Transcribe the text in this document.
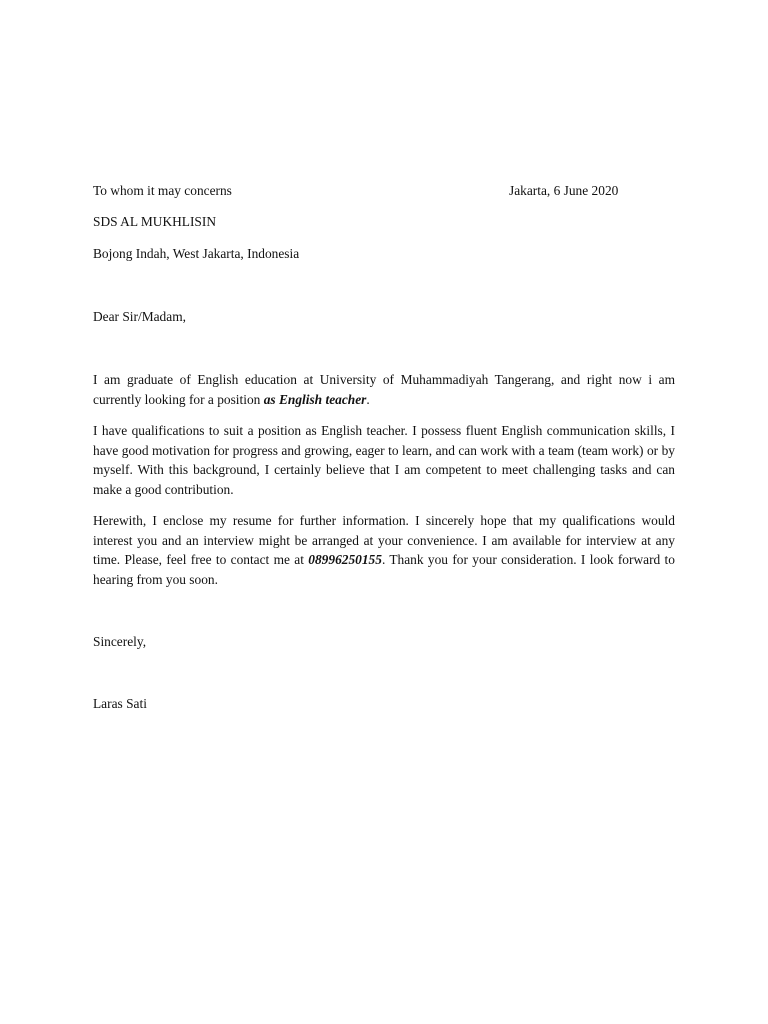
To whom it may concerns	Jakarta, 6 June 2020
SDS AL MUKHLISIN
Bojong Indah, West Jakarta, Indonesia
Dear Sir/Madam,
I am graduate of English education at University of Muhammadiyah Tangerang, and right now i am currently looking for a position as English teacher.
I have qualifications to suit a position as English teacher. I possess fluent English communication skills, I have good motivation for progress and growing, eager to learn, and can work with a team (team work) or by myself. With this background, I certainly believe that I am competent to meet challenging tasks and can make a good contribution.
Herewith, I enclose my resume for further information. I sincerely hope that my qualifications would interest you and an interview might be arranged at your convenience. I am available for interview at any time. Please, feel free to contact me at 08996250155. Thank you for your consideration. I look forward to hearing from you soon.
Sincerely,
Laras Sati
